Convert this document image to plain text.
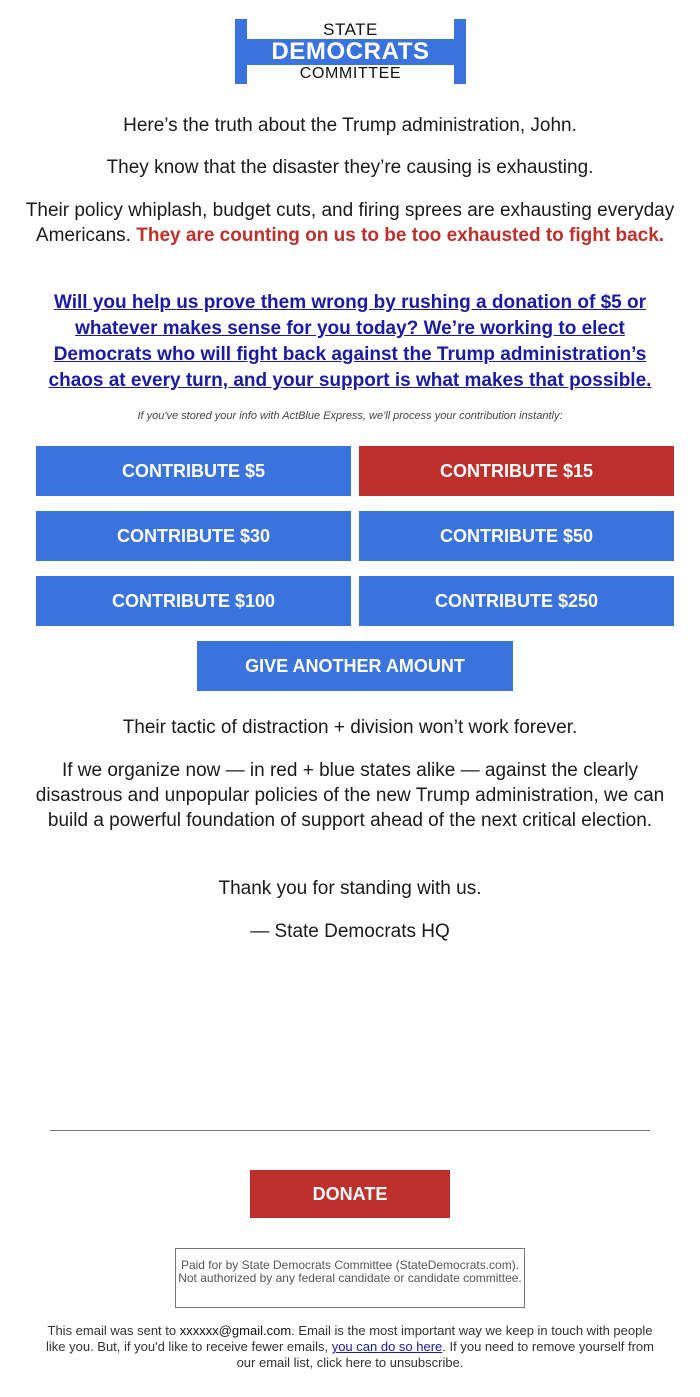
STATE
DEMOCRATS
COMMITTEE

Here’s the truth about the Trump administration, John.

They know that the disaster they’re causing is exhausting.

Their policy whiplash, budget cuts, and firing sprees are exhausting everyday Americans. They are counting on us to be too exhausted to fight back.

Will you help us prove them wrong by rushing a donation of $5 or whatever makes sense for you today? We’re working to elect Democrats who will fight back against the Trump administration’s chaos at every turn, and your support is what makes that possible.

If you've stored your info with ActBlue Express, we'll process your contribution instantly:

CONTRIBUTE $5	CONTRIBUTE $15
CONTRIBUTE $30	CONTRIBUTE $50
CONTRIBUTE $100	CONTRIBUTE $250
GIVE ANOTHER AMOUNT

Their tactic of distraction + division won’t work forever.

If we organize now — in red + blue states alike — against the clearly disastrous and unpopular policies of the new Trump administration, we can build a powerful foundation of support ahead of the next critical election.

Thank you for standing with us.

— State Democrats HQ

DONATE
Paid for by State Democrats Committee (StateDemocrats.com). Not authorized by any federal candidate or candidate committee.
This email was sent to xxxxxx@gmail.com. Email is the most important way we keep in touch with people like you. But, if you'd like to receive fewer emails, you can do so here. If you need to remove yourself from our email list, click here to unsubscribe.
